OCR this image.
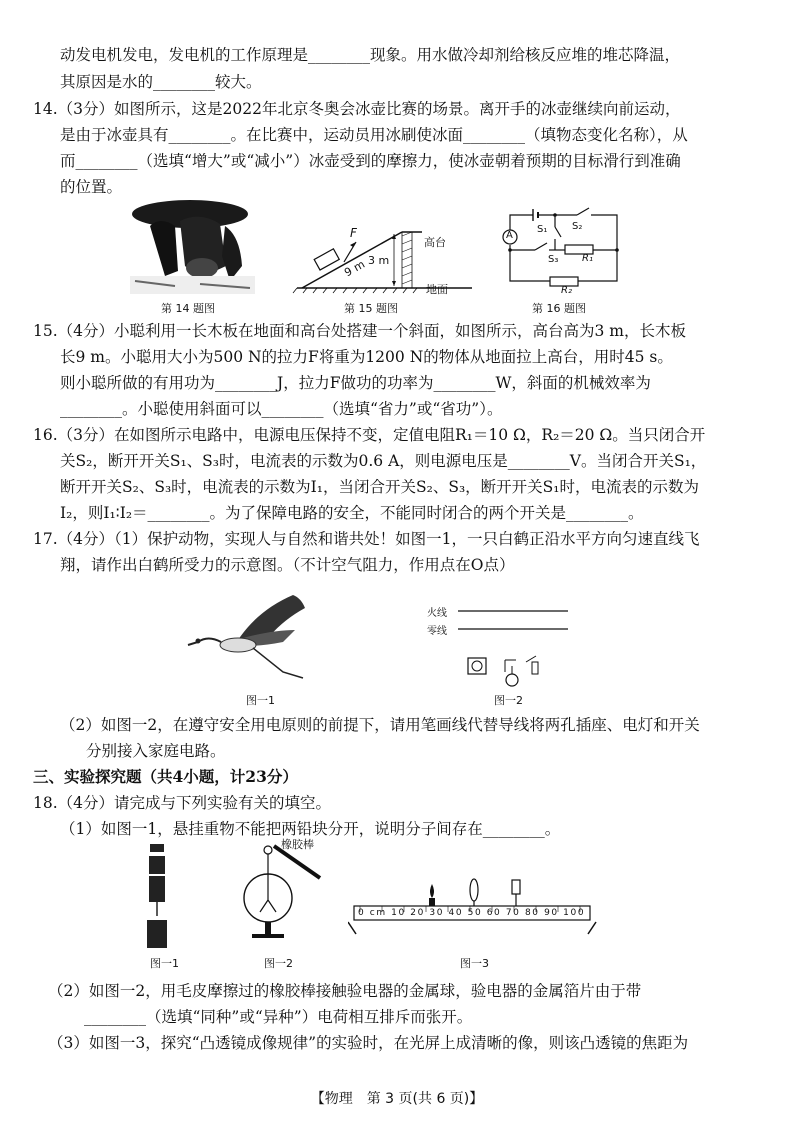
动发电机发电，发电机的工作原理是________现象。用水做冷却剂给核反应堆的堆芯降温，
其原因是水的________较大。
14.（3分）如图所示，这是2022年北京冬奥会冰壶比赛的场景。离开手的冰壶继续向前运动，
是由于冰壶具有________。在比赛中，运动员用冰刷使冰面________（填物态变化名称），从
而________（选填“增大”或“减小”）冰壶受到的摩擦力，使冰壶朝着预期的目标滑行到准确
的位置。
第 14 题图
F
9 m 3 m
高台
地面
第 15 题图
A
S₁ S₂
S₃ R₁
R₂
第 16 题图
15.（4分）小聪利用一长木板在地面和高台处搭建一个斜面，如图所示，高台高为3 m，长木板
长9 m。小聪用大小为500 N的拉力F将重为1200 N的物体从地面拉上高台，用时45 s。
则小聪所做的有用功为________J，拉力F做功的功率为________W，斜面的机械效率为
________。小聪使用斜面可以________（选填“省力”或“省功”）。
16.（3分）在如图所示电路中，电源电压保持不变，定值电阻R₁＝10 Ω，R₂＝20 Ω。当只闭合开
关S₂，断开开关S₁、S₃时，电流表的示数为0.6 A，则电源电压是________V。当闭合开关S₁，
断开开关S₂、S₃时，电流表的示数为I₁，当闭合开关S₂、S₃，断开开关S₁时，电流表的示数为
I₂，则I₁∶I₂＝________。为了保障电路的安全，不能同时闭合的两个开关是________。
17.（4分）（1）保护动物，实现人与自然和谐共处！如图一1，一只白鹤正沿水平方向匀速直线飞
翔，请作出白鹤所受力的示意图。（不计空气阻力，作用点在O点）
图一1
火线
零线
图一2
（2）如图一2，在遵守安全用电原则的前提下，请用笔画线代替导线将两孔插座、电灯和开关
分别接入家庭电路。
三、实验探究题（共4小题，计23分）
18.（4分）请完成与下列实验有关的填空。
（1）如图一1，悬挂重物不能把两铅块分开，说明分子间存在________。
图一1
橡胶棒
图一2
0 cm 10 20 30 40 50 60 70 80 90 100
图一3
（2）如图一2，用毛皮摩擦过的橡胶棒接触验电器的金属球，验电器的金属箔片由于带
________（选填“同种”或“异种”）电荷相互排斥而张开。
（3）如图一3，探究“凸透镜成像规律”的实验时，在光屏上成清晰的像，则该凸透镜的焦距为
【物理　第 3 页(共 6 页)】
